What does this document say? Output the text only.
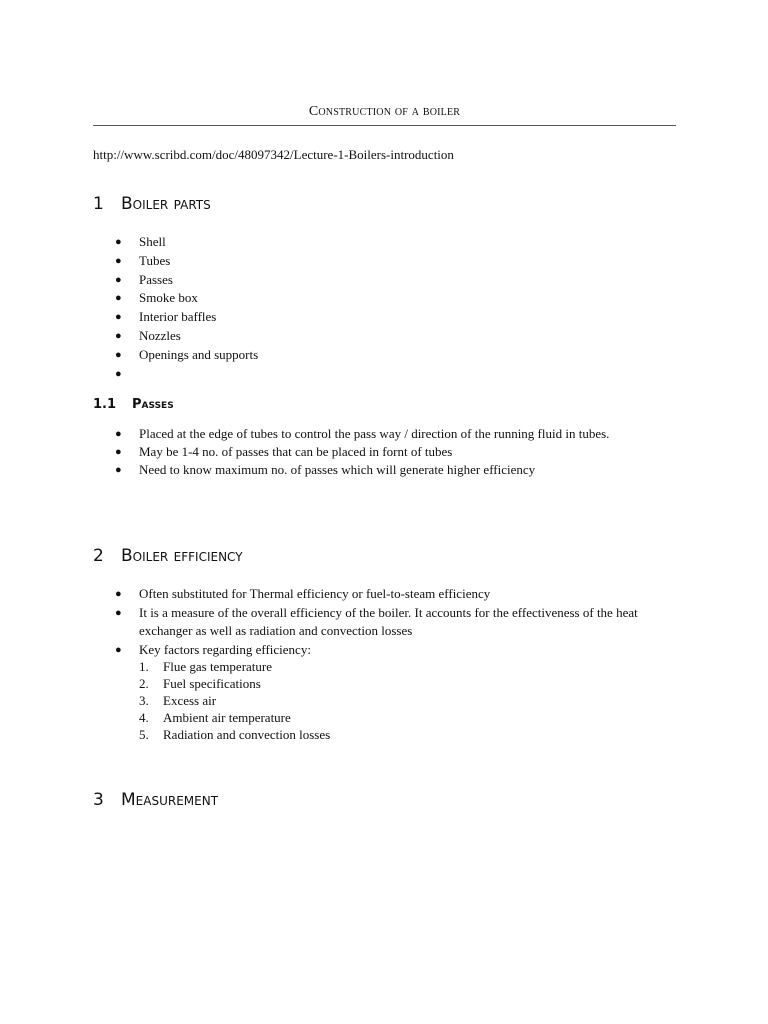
Construction of a boiler
http://www.scribd.com/doc/48097342/Lecture-1-Boilers-introduction
1 Boiler parts
● Shell
● Tubes
● Passes
● Smoke box
● Interior baffles
● Nozzles
● Openings and supports
●

1.1 Passes
● Placed at the edge of tubes to control the pass way / direction of the running fluid in tubes.
● May be 1-4 no. of passes that can be placed in fornt of tubes
● Need to know maximum no. of passes which will generate higher efficiency
2 Boiler efficiency
● Often substituted for Thermal efficiency or fuel-to-steam efficiency
● It is a measure of the overall efficiency of the boiler. It accounts for the effectiveness of the heat exchanger as well as radiation and convection losses
● Key factors regarding efficiency:
1. Flue gas temperature
2. Fuel specifications
3. Excess air
4. Ambient air temperature
5. Radiation and convection losses
3 Measurement
